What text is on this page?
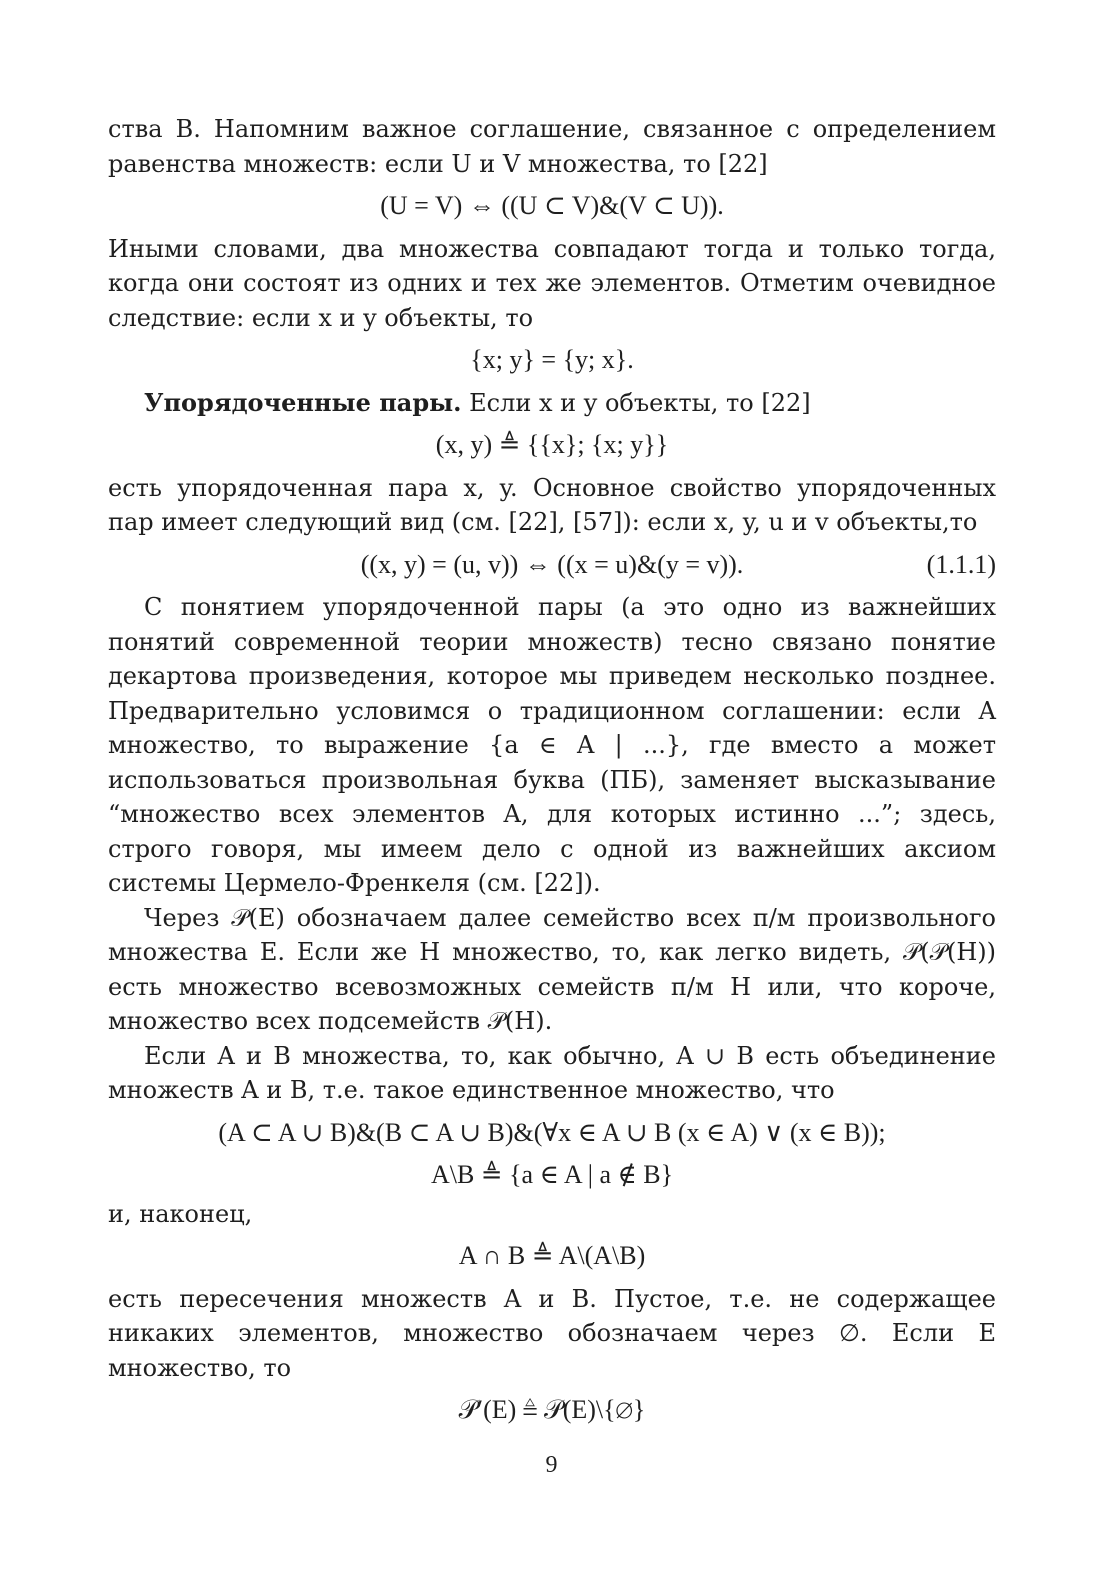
ства B. Напомним важное соглашение, связанное с определением равенства множеств: если U и V множества, то [22]

(U = V) ⇔ ((U ⊂ V)&(V ⊂ U)).

Иными словами, два множества совпадают тогда и только тогда, когда они состоят из одних и тех же элементов. Отметим очевидное следствие: если x и y объекты, то

{x; y} = {y; x}.

Упорядоченные пары. Если x и y объекты, то [22]

(x, y) ≜ {{x}; {x; y}}

есть упорядоченная пара x, y. Основное свойство упорядоченных пар имеет следующий вид (см. [22], [57]): если x, y, u и v объекты,то

((x, y) = (u, v)) ⇔ ((x = u)&(y = v)).	(1.1.1)

С понятием упорядоченной пары (а это одно из важнейших понятий современной теории множеств) тесно связано понятие декартова произведения, которое мы приведем несколько позднее. Предварительно условимся о традиционном соглашении: если A множество, то выражение {a ∈ A | ...}, где вместо a может использоваться произвольная буква (ПБ), заменяет высказывание “множество всех элементов A, для которых истинно ...”; здесь, строго говоря, мы имеем дело с одной из важнейших аксиом системы Цермело-Френкеля (см. [22]).

Через 𝒫(E) обозначаем далее семейство всех п/м произвольного множества E. Если же H множество, то, как легко видеть, 𝒫(𝒫(H)) есть множество всевозможных семейств п/м H или, что короче, множество всех подсемейств 𝒫(H).

Если A и B множества, то, как обычно, A ∪ B есть объединение множеств A и B, т.е. такое единственное множество, что

(A ⊂ A ∪ B)&(B ⊂ A ∪ B)&(∀x ∈ A ∪ B (x ∈ A) ∨ (x ∈ B));
A\B ≜ {a ∈ A | a ∉ B}

и, наконец,

A ∩ B ≜ A\(A\B)

есть пересечения множеств A и B. Пустое, т.е. не содержащее никаких элементов, множество обозначаем через ∅. Если E множество, то

𝒫′(E) ≜ 𝒫(E)\{∅}
9
